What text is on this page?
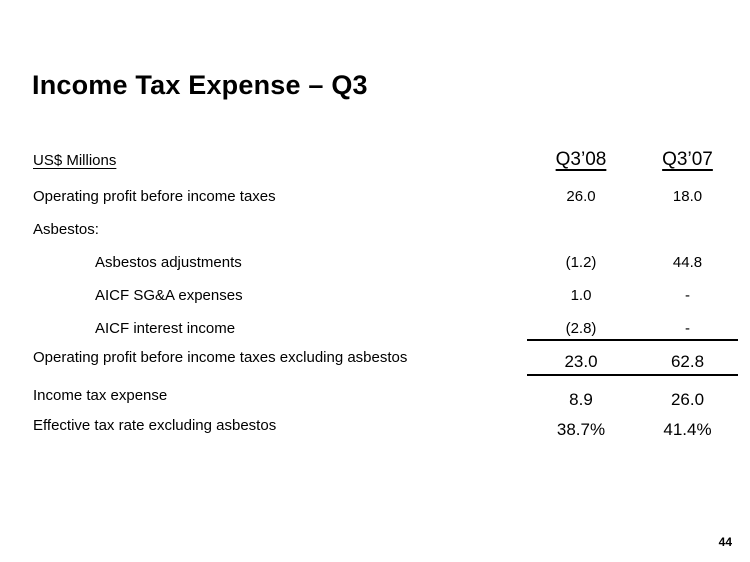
Income Tax Expense – Q3
US$ Millions	Q3’08	Q3’07
Operating profit before income taxes	26.0	18.0
Asbestos:
Asbestos adjustments	(1.2)	44.8
AICF SG&A expenses	1.0	-
AICF interest income	(2.8)	-
Operating profit before income taxes excluding asbestos	23.0	62.8
Income tax expense	8.9	26.0
Effective tax rate excluding asbestos	38.7%	41.4%
44
